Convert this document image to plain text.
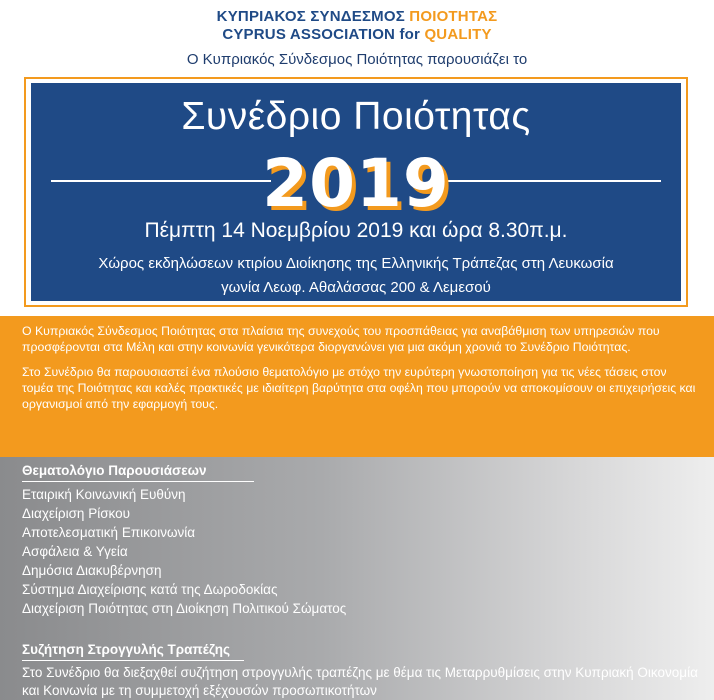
ΚΥΠΡΙΑΚΟΣ ΣΥΝΔΕΣΜΟΣ ΠΟΙΟΤΗΤΑΣ
CYPRUS ASSOCIATION for QUALITY
Ο Κυπριακός Σύνδεσμος Ποιότητας παρουσιάζει το
Συνέδριο Ποιότητας
2019
Πέμπτη 14 Νοεμβρίου 2019 και ώρα 8.30π.μ.
Χώρος εκδηλώσεων κτιρίου Διοίκησης της Ελληνικής Τράπεζας στη Λευκωσία
γωνία Λεωφ. Αθαλάσσας 200 & Λεμεσού

Ο Κυπριακός Σύνδεσμος Ποιότητας στα πλαίσια της συνεχούς του προσπάθειας για αναβάθμιση των υπηρεσιών που προσφέρονται στα Μέλη και στην κοινωνία γενικότερα διοργανώνει για μια ακόμη χρονιά το Συνέδριο Ποιότητας.

Στο Συνέδριο θα παρουσιαστεί ένα πλούσιο θεματολόγιο με στόχο την ευρύτερη γνωστοποίηση για τις νέες τάσεις στον τομέα της Ποιότητας και καλές πρακτικές με ιδιαίτερη βαρύτητα στα οφέλη που μπορούν να αποκομίσουν οι επιχειρήσεις και οργανισμοί από την εφαρμογή τους.

Θεματολόγιο Παρουσιάσεων
Εταιρική Κοινωνική Ευθύνη
Διαχείριση Ρίσκου
Αποτελεσματική Επικοινωνία
Ασφάλεια & Υγεία
Δημόσια Διακυβέρνηση
Σύστημα Διαχείρισης κατά της Δωροδοκίας
Διαχείριση Ποιότητας στη Διοίκηση Πολιτικού Σώματος
Συζήτηση Στρογγυλής Τραπέζης

Στο Συνέδριο θα διεξαχθεί συζήτηση στρογγυλής τραπέζης με θέμα τις Μεταρρυθμίσεις στην Κυπριακή Οικονομία και Κοινωνία με τη συμμετοχή εξέχουσών προσωπικοτήτων
